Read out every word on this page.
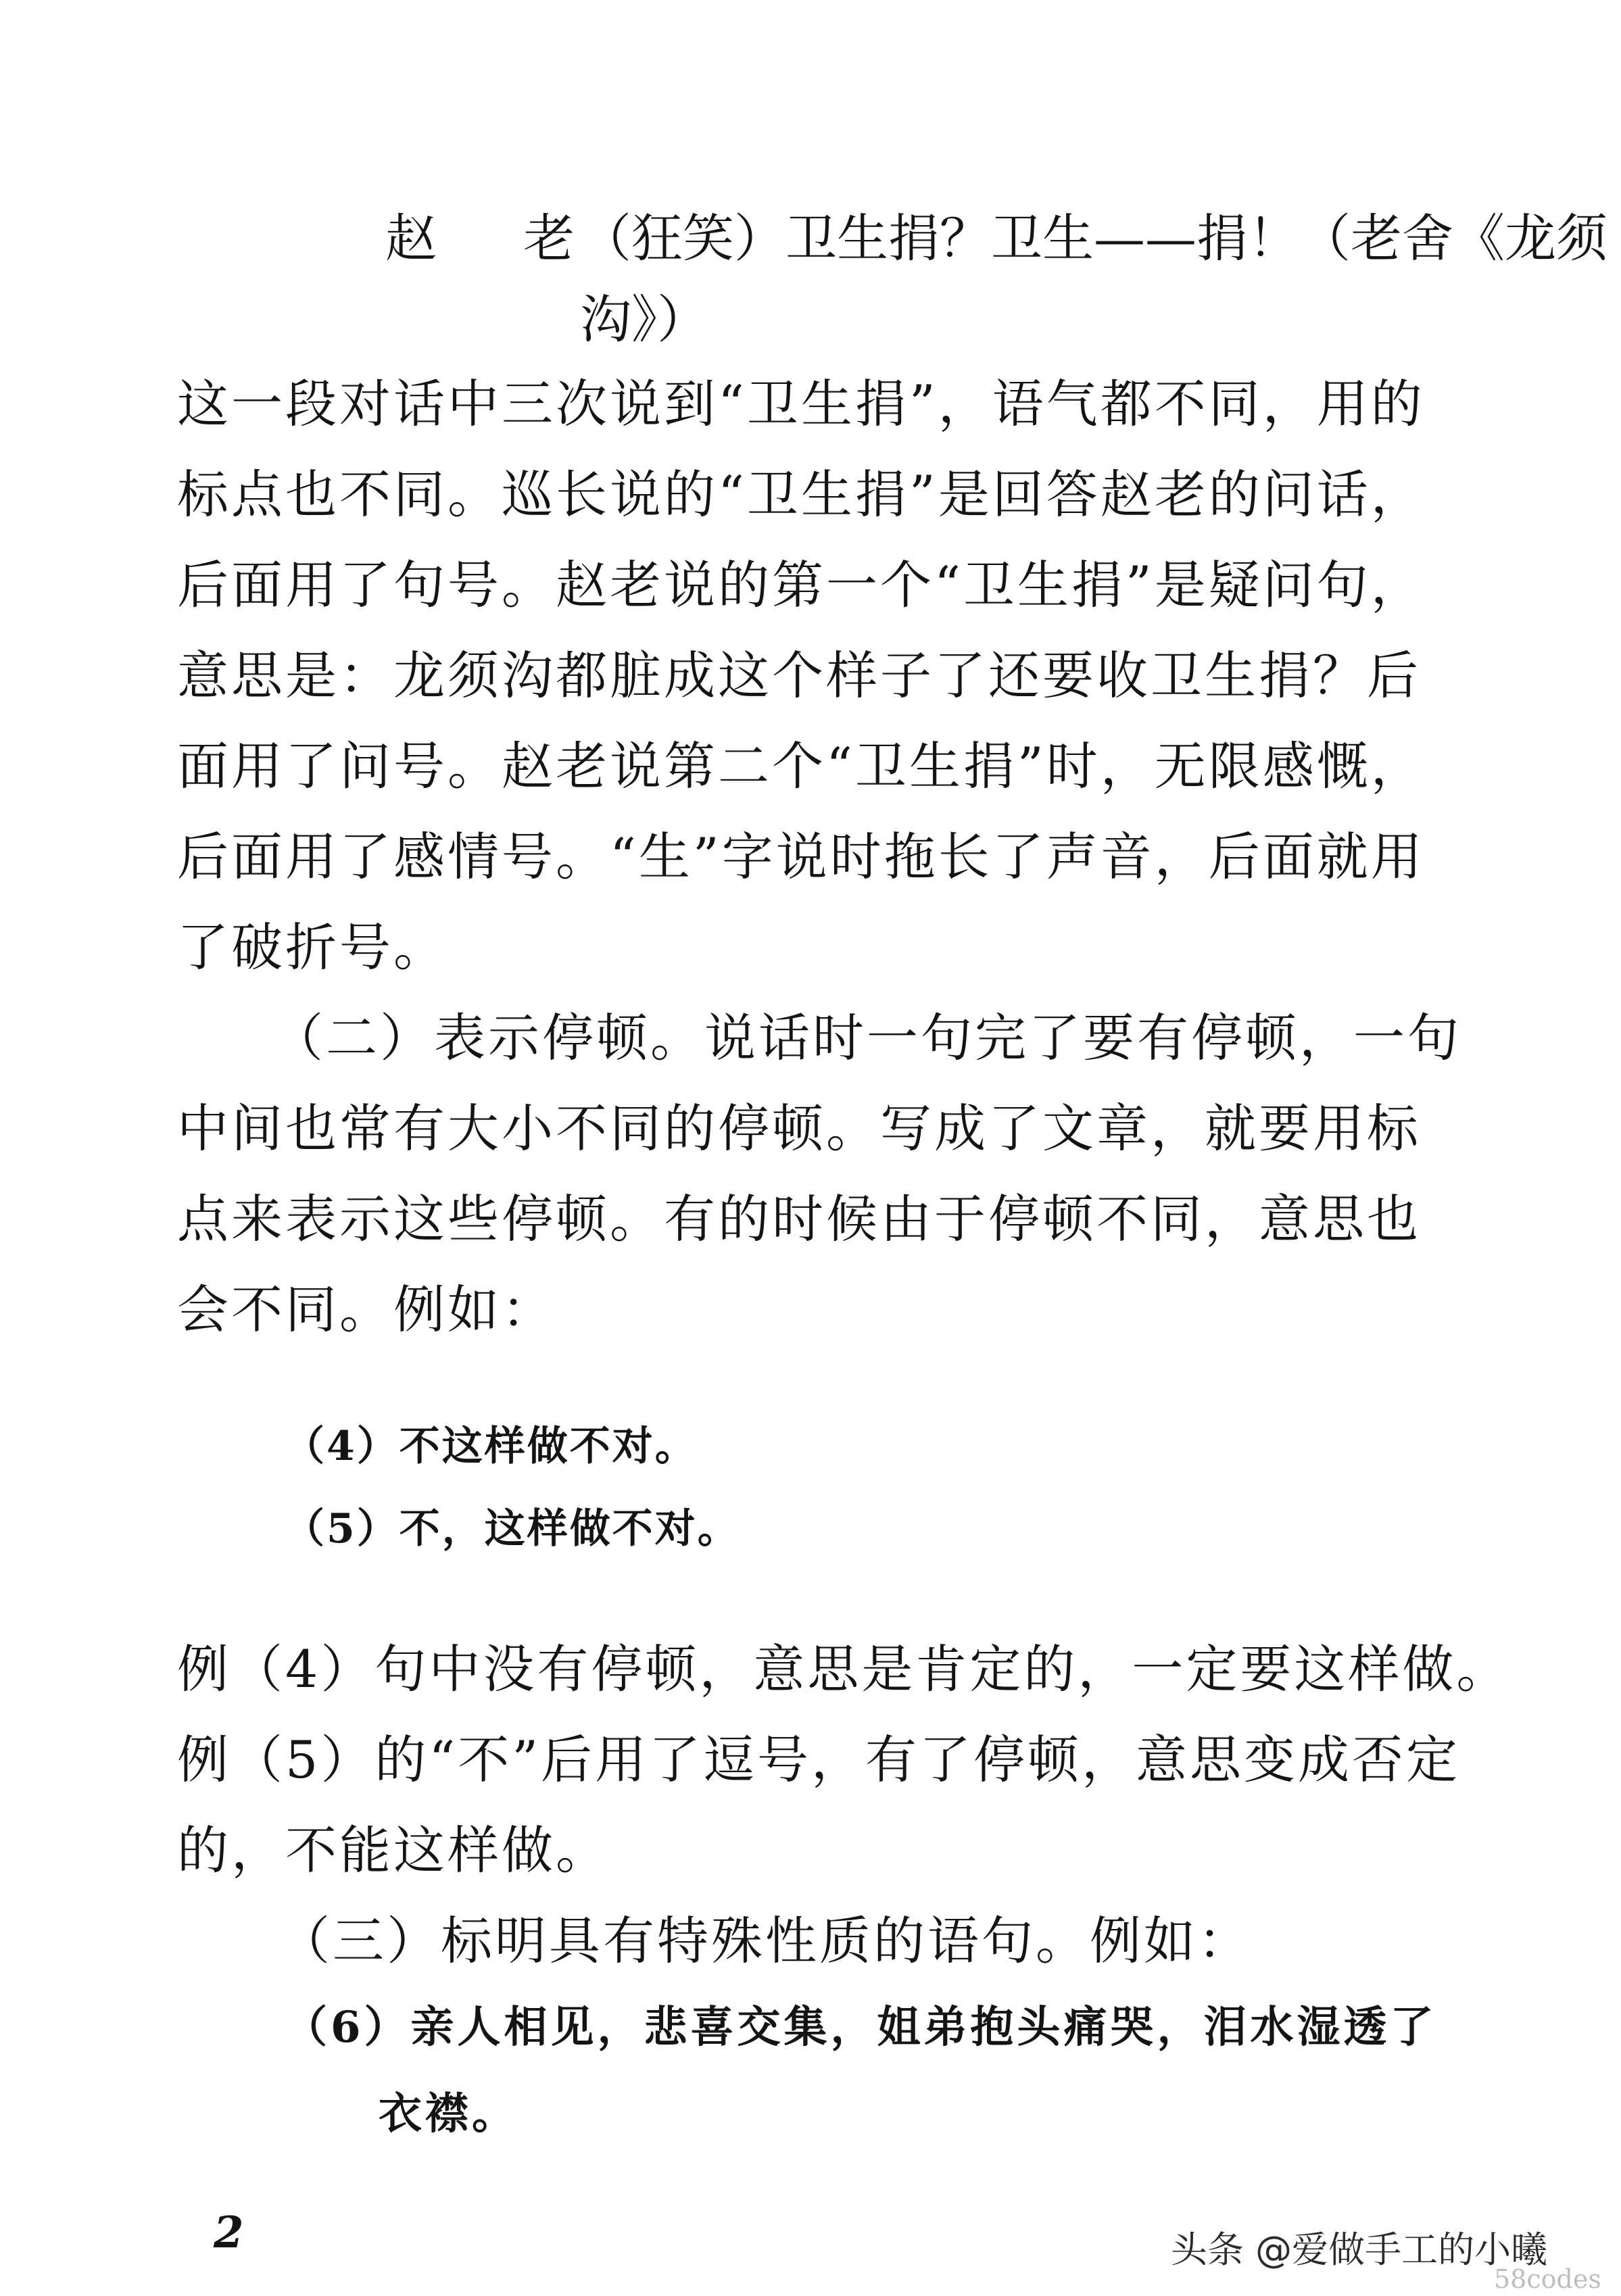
赵 老
（狂笑）卫生捐？卫生——捐！（老舍《龙须
沟》）
这一段对话中三次说到“卫生捐”，语气都不同，用的
标点也不同。巡长说的“卫生捐”是回答赵老的问话，
后面用了句号。赵老说的第一个“卫生捐”是疑问句，
意思是：龙须沟都脏成这个样子了还要收卫生捐？后
面用了问号。赵老说第二个“卫生捐”时，无限感慨，
后面用了感情号。“生”字说时拖长了声音，后面就用
了破折号。
（二）表示停顿。说话时一句完了要有停顿，一句
中间也常有大小不同的停顿。写成了文章，就要用标
点来表示这些停顿。有的时候由于停顿不同，意思也
会不同。例如：
（4）不这样做不对。
（5）不，这样做不对。
例（4）句中没有停顿，意思是肯定的，一定要这样做。
例（5）的“不”后用了逗号，有了停顿，意思变成否定
的，不能这样做。
（三）标明具有特殊性质的语句。例如：
（6）亲人相见，悲喜交集，姐弟抱头痛哭，泪水湿透了
衣襟。
2	头条 @爱做手工的小曦
58codes
